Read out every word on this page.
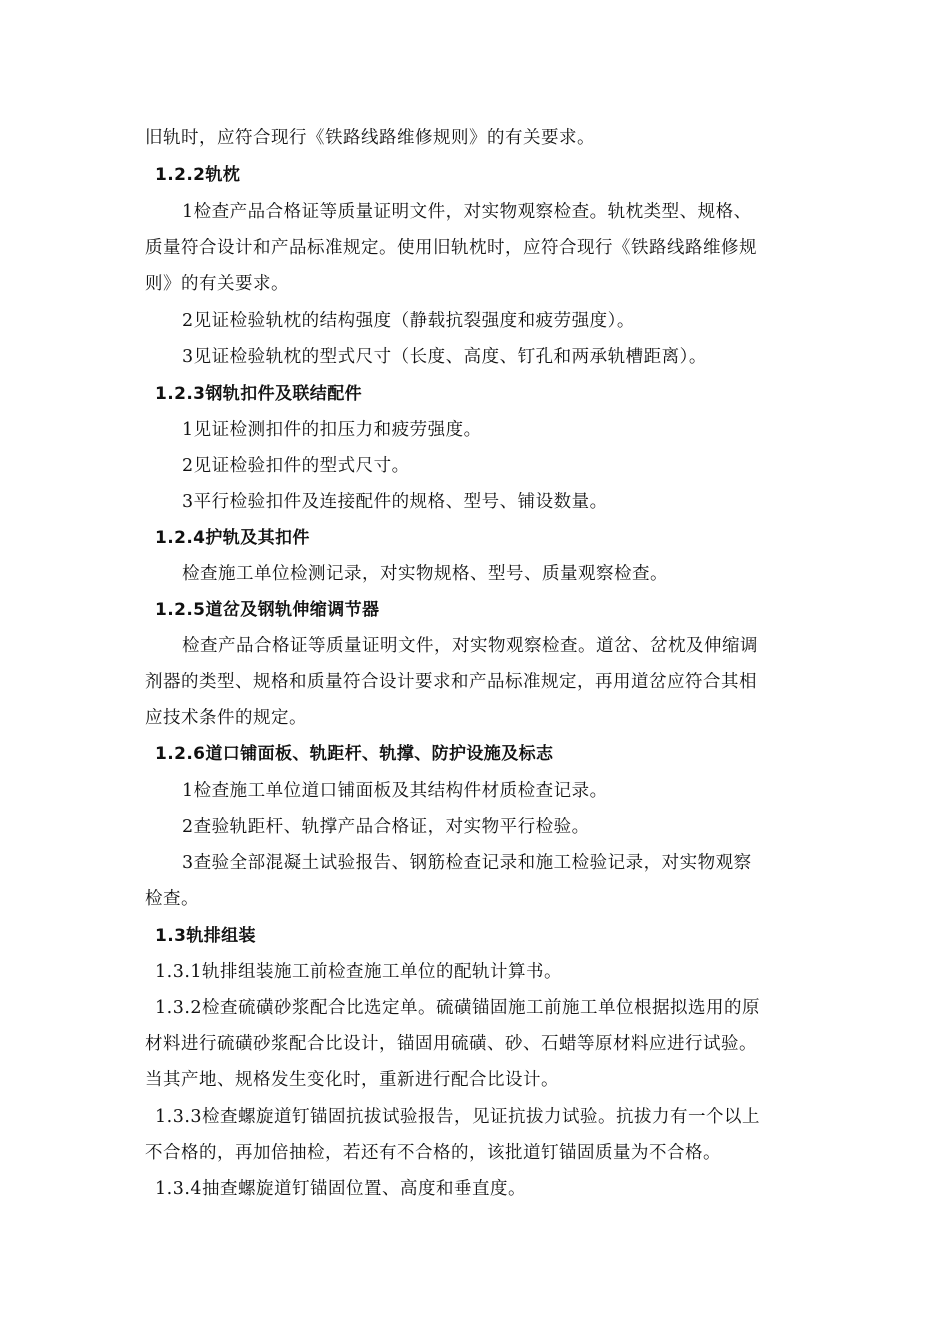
旧轨时，应符合现行《铁路线路维修规则》的有关要求。
1.2.2轨枕
1检查产品合格证等质量证明文件，对实物观察检查。轨枕类型、规格、
质量符合设计和产品标准规定。使用旧轨枕时，应符合现行《铁路线路维修规
则》的有关要求。
2见证检验轨枕的结构强度（静载抗裂强度和疲劳强度）。
3见证检验轨枕的型式尺寸（长度、高度、钉孔和两承轨槽距离）。
1.2.3钢轨扣件及联结配件
1见证检测扣件的扣压力和疲劳强度。
2见证检验扣件的型式尺寸。
3平行检验扣件及连接配件的规格、型号、铺设数量。
1.2.4护轨及其扣件
检查施工单位检测记录，对实物规格、型号、质量观察检查。
1.2.5道岔及钢轨伸缩调节器
检查产品合格证等质量证明文件，对实物观察检查。道岔、岔枕及伸缩调
剂器的类型、规格和质量符合设计要求和产品标准规定，再用道岔应符合其相
应技术条件的规定。
1.2.6道口铺面板、轨距杆、轨撑、防护设施及标志
1检查施工单位道口铺面板及其结构件材质检查记录。
2查验轨距杆、轨撑产品合格证，对实物平行检验。
3查验全部混凝土试验报告、钢筋检查记录和施工检验记录，对实物观察
检查。
1.3轨排组装
1.3.1轨排组装施工前检查施工单位的配轨计算书。
1.3.2检查硫磺砂浆配合比选定单。硫磺锚固施工前施工单位根据拟选用的原
材料进行硫磺砂浆配合比设计，锚固用硫磺、砂、石蜡等原材料应进行试验。
当其产地、规格发生变化时，重新进行配合比设计。
1.3.3检查螺旋道钉锚固抗拔试验报告，见证抗拔力试验。抗拔力有一个以上
不合格的，再加倍抽检，若还有不合格的，该批道钉锚固质量为不合格。
1.3.4抽查螺旋道钉锚固位置、高度和垂直度。
